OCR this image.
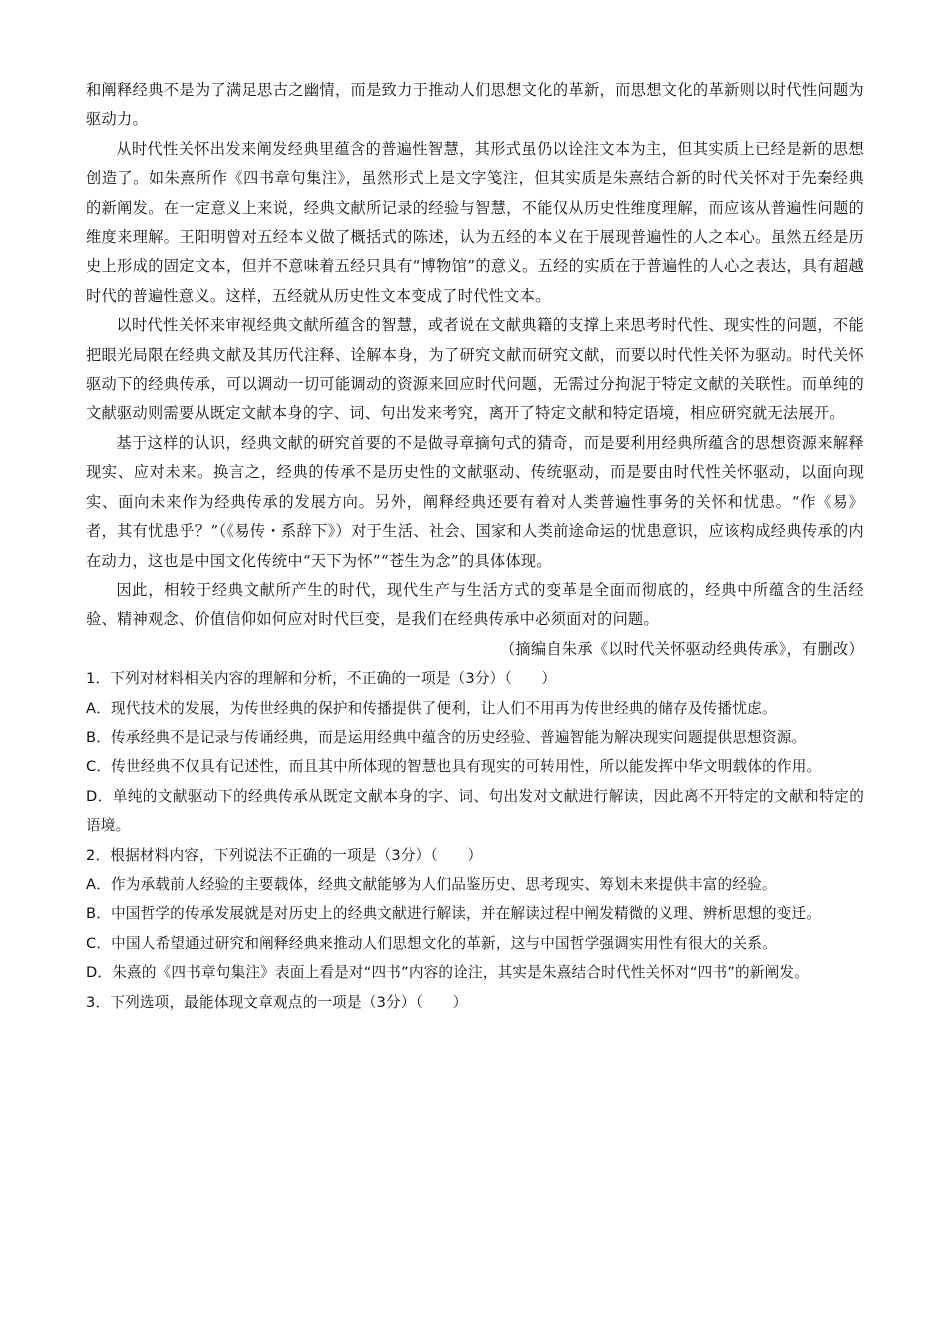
和阐释经典不是为了满足思古之幽情，而是致力于推动人们思想文化的革新，而思想文化的革新则以时代性问题为驱动力。

从时代性关怀出发来阐发经典里蕴含的普遍性智慧，其形式虽仍以诠注文本为主，但其实质上已经是新的思想创造了。如朱熹所作《四书章句集注》，虽然形式上是文字笺注，但其实质是朱熹结合新的时代关怀对于先秦经典的新阐发。在一定意义上来说，经典文献所记录的经验与智慧，不能仅从历史性维度理解，而应该从普遍性问题的维度来理解。王阳明曾对五经本义做了概括式的陈述，认为五经的本义在于展现普遍性的人之本心。虽然五经是历史上形成的固定文本，但并不意味着五经只具有“博物馆”的意义。五经的实质在于普遍性的人心之表达，具有超越时代的普遍性意义。这样，五经就从历史性文本变成了时代性文本。

以时代性关怀来审视经典文献所蕴含的智慧，或者说在文献典籍的支撑上来思考时代性、现实性的问题，不能把眼光局限在经典文献及其历代注释、诠解本身，为了研究文献而研究文献，而要以时代性关怀为驱动。时代关怀驱动下的经典传承，可以调动一切可能调动的资源来回应时代问题，无需过分拘泥于特定文献的关联性。而单纯的文献驱动则需要从既定文献本身的字、词、句出发来考究，离开了特定文献和特定语境，相应研究就无法展开。

基于这样的认识，经典文献的研究首要的不是做寻章摘句式的猜奇，而是要利用经典所蕴含的思想资源来解释现实、应对未来。换言之，经典的传承不是历史性的文献驱动、传统驱动，而是要由时代性关怀驱动，以面向现实、面向未来作为经典传承的发展方向。另外，阐释经典还要有着对人类普遍性事务的关怀和忧患。“作《易》者，其有忧患乎？”（《易传・系辞下》）对于生活、社会、国家和人类前途命运的忧患意识，应该构成经典传承的内在动力，这也是中国文化传统中“天下为怀”“苍生为念”的具体体现。

因此，相较于经典文献所产生的时代，现代生产与生活方式的变革是全面而彻底的，经典中所蕴含的生活经验、精神观念、价值信仰如何应对时代巨变，是我们在经典传承中必须面对的问题。

（摘编自朱承《以时代关怀驱动经典传承》，有删改）

1．下列对材料相关内容的理解和分析，不正确的一项是（3分）（　　）

A．现代技术的发展，为传世经典的保护和传播提供了便利，让人们不用再为传世经典的储存及传播忧虑。

B．传承经典不是记录与传诵经典，而是运用经典中蕴含的历史经验、普遍智能为解决现实问题提供思想资源。

C．传世经典不仅具有记述性，而且其中所体现的智慧也具有现实的可转用性，所以能发挥中华文明载体的作用。

D．单纯的文献驱动下的经典传承从既定文献本身的字、词、句出发对文献进行解读，因此离不开特定的文献和特定的语境。

2．根据材料内容，下列说法不正确的一项是（3分）（　　）

A．作为承载前人经验的主要载体，经典文献能够为人们品鉴历史、思考现实、筹划未来提供丰富的经验。

B．中国哲学的传承发展就是对历史上的经典文献进行解读，并在解读过程中阐发精微的义理、辨析思想的变迁。

C．中国人希望通过研究和阐释经典来推动人们思想文化的革新，这与中国哲学强调实用性有很大的关系。

D．朱熹的《四书章句集注》表面上看是对“四书”内容的诠注，其实是朱熹结合时代性关怀对“四书”的新阐发。

3．下列选项，最能体现文章观点的一项是（3分）（　　）
